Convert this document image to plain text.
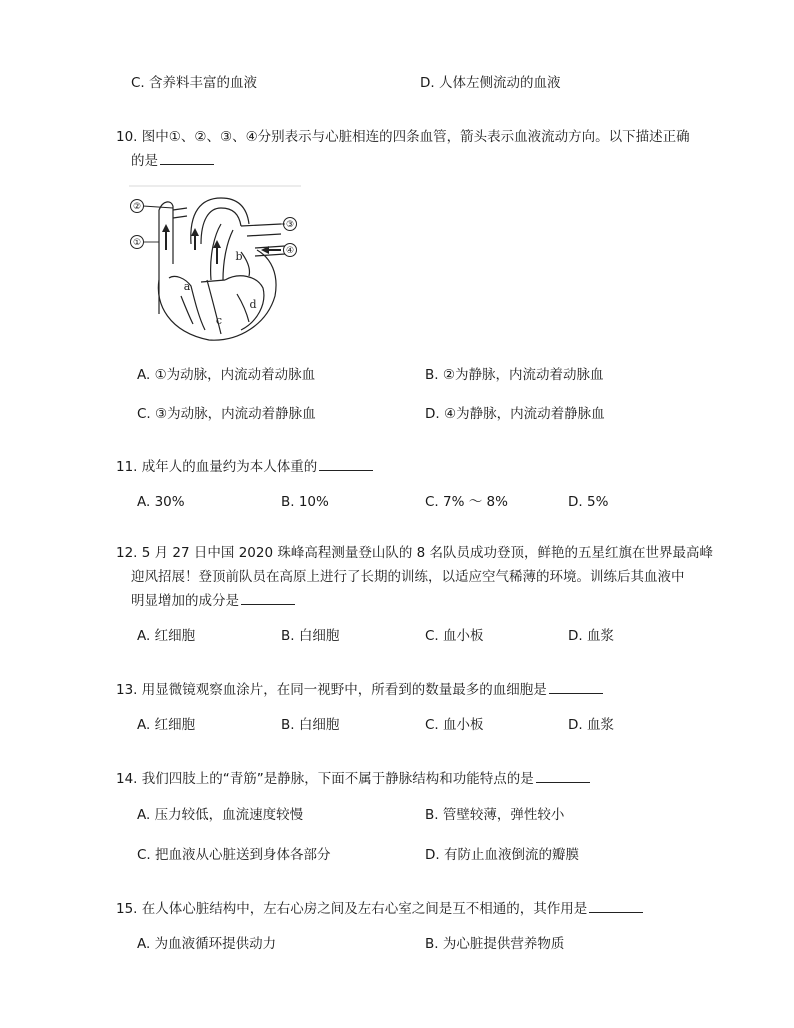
C. 含养料丰富的血液	D. 人体左侧流动的血液
10. 图中①、②、③、④分别表示与心脏相连的四条血管，箭头表示血液流动方向。以下描述正确
的是
②
①
③
④
a
b
c
d
A. ①为动脉，内流动着动脉血	B. ②为静脉，内流动着动脉血
C. ③为动脉，内流动着静脉血	D. ④为静脉，内流动着静脉血
11. 成年人的血量约为本人体重的
A. 30%	B. 10%	C. 7% ～ 8%	D. 5%
12. 5 月 27 日中国 2020 珠峰高程测量登山队的 8 名队员成功登顶，鲜艳的五星红旗在世界最高峰
迎风招展！登顶前队员在高原上进行了长期的训练，以适应空气稀薄的环境。训练后其血液中
明显增加的成分是
A. 红细胞	B. 白细胞	C. 血小板	D. 血浆
13. 用显微镜观察血涂片，在同一视野中，所看到的数量最多的血细胞是
A. 红细胞	B. 白细胞	C. 血小板	D. 血浆
14. 我们四肢上的“青筋”是静脉，下面不属于静脉结构和功能特点的是
A. 压力较低，血流速度较慢	B. 管壁较薄，弹性较小
C. 把血液从心脏送到身体各部分	D. 有防止血液倒流的瓣膜
15. 在人体心脏结构中，左右心房之间及左右心室之间是互不相通的，其作用是
A. 为血液循环提供动力	B. 为心脏提供营养物质
